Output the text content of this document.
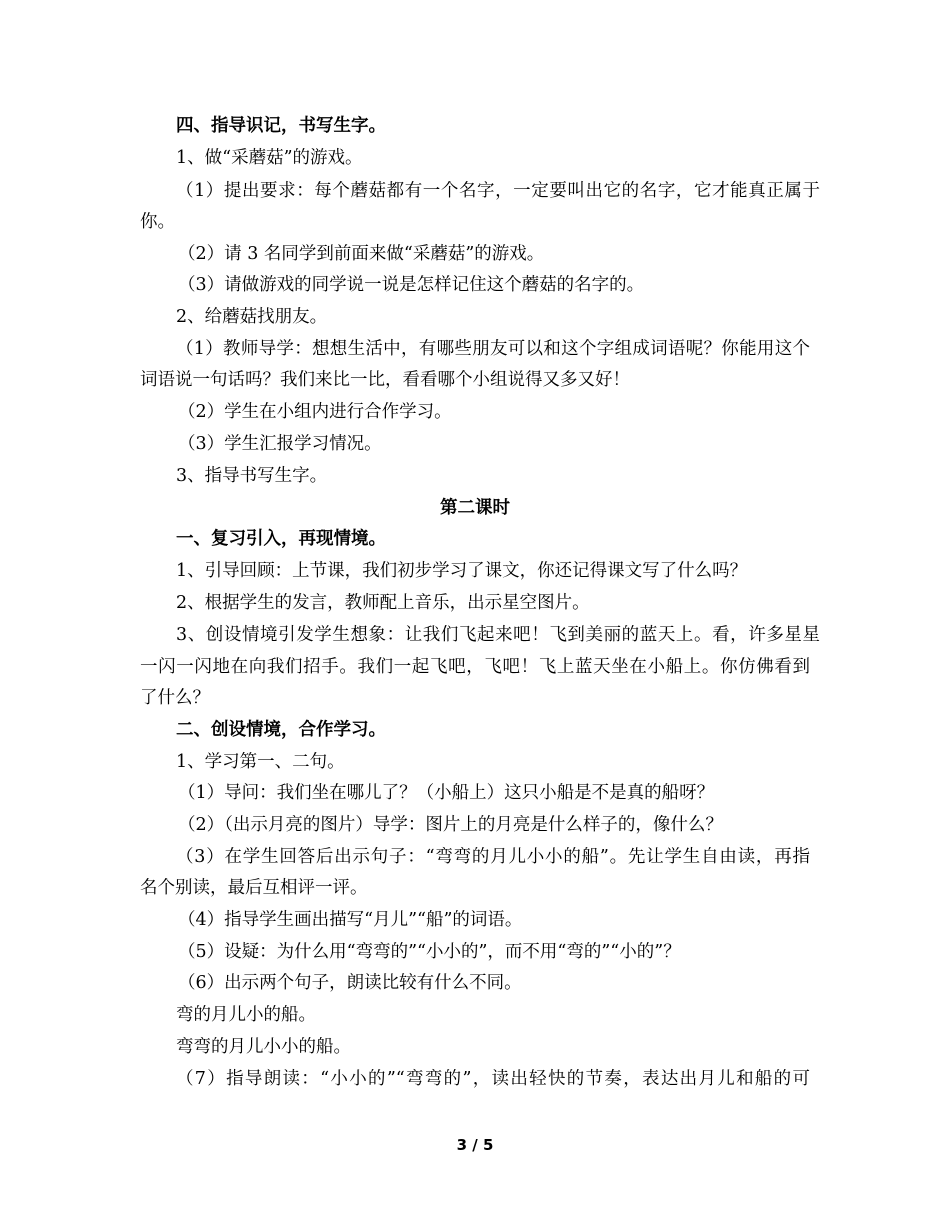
四、指导识记，书写生字。

1、做“采蘑菇”的游戏。

（1）提出要求：每个蘑菇都有一个名字，一定要叫出它的名字，它才能真正属于

你。

（2）请 3 名同学到前面来做“采蘑菇”的游戏。

（3）请做游戏的同学说一说是怎样记住这个蘑菇的名字的。

2、给蘑菇找朋友。

（1）教师导学：想想生活中，有哪些朋友可以和这个字组成词语呢？你能用这个

词语说一句话吗？我们来比一比，看看哪个小组说得又多又好！

（2）学生在小组内进行合作学习。

（3）学生汇报学习情况。

3、指导书写生字。

第二课时

一、复习引入，再现情境。

1、引导回顾：上节课，我们初步学习了课文，你还记得课文写了什么吗？

2、根据学生的发言，教师配上音乐，出示星空图片。

3、创设情境引发学生想象：让我们飞起来吧！飞到美丽的蓝天上。看，许多星星

一闪一闪地在向我们招手。我们一起飞吧，飞吧！飞上蓝天坐在小船上。你仿佛看到

了什么？

二、创设情境，合作学习。

1、学习第一、二句。

（1）导问：我们坐在哪儿了？（小船上）这只小船是不是真的船呀？

（2）（出示月亮的图片）导学：图片上的月亮是什么样子的，像什么？

（3）在学生回答后出示句子：“弯弯的月儿小小的船”。先让学生自由读，再指

名个别读，最后互相评一评。

（4）指导学生画出描写“月儿”“船”的词语。

（5）设疑：为什么用“弯弯的”“小小的”，而不用“弯的”“小的”？

（6）出示两个句子，朗读比较有什么不同。

弯的月儿小的船。

弯弯的月儿小小的船。

（7）指导朗读：“小小的”“弯弯的”，读出轻快的节奏，表达出月儿和船的可

3 / 5
